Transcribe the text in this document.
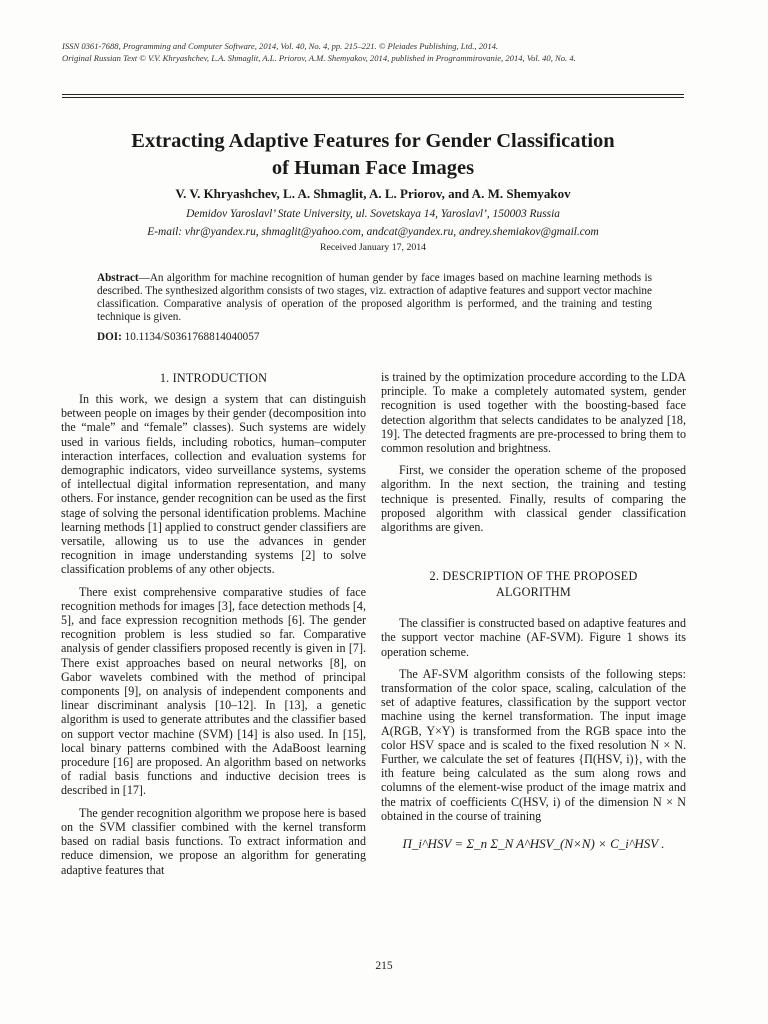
ISSN 0361-7688, Programming and Computer Software, 2014, Vol. 40, No. 4, pp. 215–221. © Pleiades Publishing, Ltd., 2014.
Original Russian Text © V.V. Khryashchev, L.A. Shmaglit, A.L. Priorov, A.M. Shemyakov, 2014, published in Programmirovanie, 2014, Vol. 40, No. 4.
Extracting Adaptive Features for Gender Classification
of Human Face Images
V. V. Khryashchev, L. A. Shmaglit, A. L. Priorov, and A. M. Shemyakov
Demidov Yaroslavl’ State University, ul. Sovetskaya 14, Yaroslavl’, 150003 Russia
E-mail: vhr@yandex.ru, shmaglit@yahoo.com, andcat@yandex.ru, andrey.shemiakov@gmail.com
Received January 17, 2014
Abstract—An algorithm for machine recognition of human gender by face images based on machine learning methods is described. The synthesized algorithm consists of two stages, viz. extraction of adaptive features and support vector machine classification. Comparative analysis of operation of the proposed algorithm is performed, and the training and testing technique is given.
DOI: 10.1134/S0361768814040057
1. INTRODUCTION

In this work, we design a system that can distinguish between people on images by their gender (decomposition into the “male” and “female” classes). Such systems are widely used in various fields, including robotics, human–computer interaction interfaces, collection and evaluation systems for demographic indicators, video surveillance systems, systems of intellectual digital information representation, and many others. For instance, gender recognition can be used as the first stage of solving the personal identification problems. Machine learning methods [1] applied to construct gender classifiers are versatile, allowing us to use the advances in gender recognition in image understanding systems [2] to solve classification problems of any other objects.

There exist comprehensive comparative studies of face recognition methods for images [3], face detection methods [4, 5], and face expression recognition methods [6]. The gender recognition problem is less studied so far. Comparative analysis of gender classifiers proposed recently is given in [7]. There exist approaches based on neural networks [8], on Gabor wavelets combined with the method of principal components [9], on analysis of independent components and linear discriminant analysis [10–12]. In [13], a genetic algorithm is used to generate attributes and the classifier based on support vector machine (SVM) [14] is also used. In [15], local binary patterns combined with the AdaBoost learning procedure [16] are proposed. An algorithm based on networks of radial basis functions and inductive decision trees is described in [17].

The gender recognition algorithm we propose here is based on the SVM classifier combined with the kernel transform based on radial basis functions. To extract information and reduce dimension, we propose an algorithm for generating adaptive features that

is trained by the optimization procedure according to the LDA principle. To make a completely automated system, gender recognition is used together with the boosting-based face detection algorithm that selects candidates to be analyzed [18, 19]. The detected fragments are pre-processed to bring them to common resolution and brightness.

First, we consider the operation scheme of the proposed algorithm. In the next section, the training and testing technique is presented. Finally, results of comparing the proposed algorithm with classical gender classification algorithms are given.

2. DESCRIPTION OF THE PROPOSED
ALGORITHM

The classifier is constructed based on adaptive features and the support vector machine (AF-SVM). Figure 1 shows its operation scheme.

The AF-SVM algorithm consists of the following steps: transformation of the color space, scaling, calculation of the set of adaptive features, classification by the support vector machine using the kernel transformation. The input image A(RGB, Y×Y) is transformed from the RGB space into the color HSV space and is scaled to the fixed resolution N × N. Further, we calculate the set of features {Π(HSV, i)}, with the ith feature being calculated as the sum along rows and columns of the element-wise product of the image matrix and the matrix of coefficients C(HSV, i) of the dimension N × N obtained in the course of training

Π_i^HSV = Σ_n Σ_N A^HSV_(N×N) × C_i^HSV .
215
